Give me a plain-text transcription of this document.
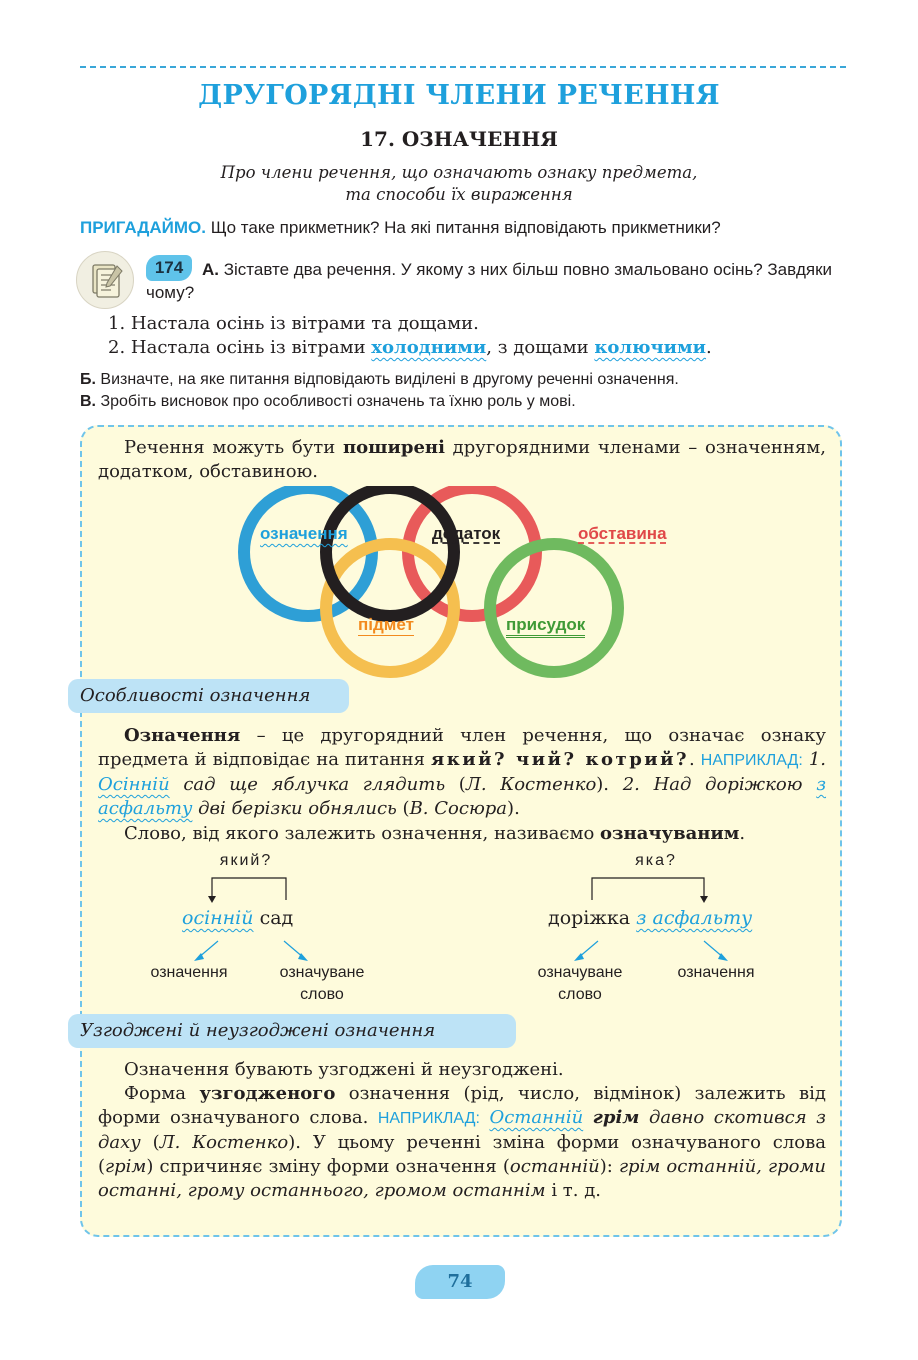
ДРУГОРЯДНІ ЧЛЕНИ РЕЧЕННЯ
17. ОЗНАЧЕННЯ
Про члени речення, що означають ознаку предмета,
та способи їх вираження
ПРИГАДАЙМО. Що таке прикметник? На які питання відповідають прикметники?
174	А. Зіставте два речення. У якому з них більш повно змальовано осінь? Завдяки чому?
1. Настала осінь із вітрами та дощами.
2. Настала осінь із вітрами холодними, з дощами колючими.
Б. Визначте, на яке питання відповідають виділені в другому реченні означення.
В. Зробіть висновок про особливості означень та їхню роль у мові.
Речення можуть бути поширені другорядними членами – означенням, додатком, обставиною.
означення	додаток	обставина
підмет	присудок
Особливості означення
Означення – це другорядний член речення, що означає ознаку предмета й відповідає на питання який? чий? котрий?. НАПРИКЛАД: 1. Осінній сад ще яблучка глядить (Л. Костенко). 2. Над доріжкою з асфальту дві берізки обнялись (В. Сосюра).
Слово, від якого залежить означення, називаємо означуваним.
який?
осінній сад
означення	означуване слово
яка?
доріжка з асфальту
означуване слово
означення
Узгоджені й неузгоджені означення
Означення бувають узгоджені й неузгоджені.
Форма узгодженого означення (рід, число, відмінок) залежить від форми означуваного слова. НАПРИКЛАД: Останній грім давно скотився з даху (Л. Костенко). У цьому реченні зміна форми означуваного слова (грім) спричиняє зміну форми означення (останній): грім останній, громи останні, грому останнього, громом останнім і т. д.
74
